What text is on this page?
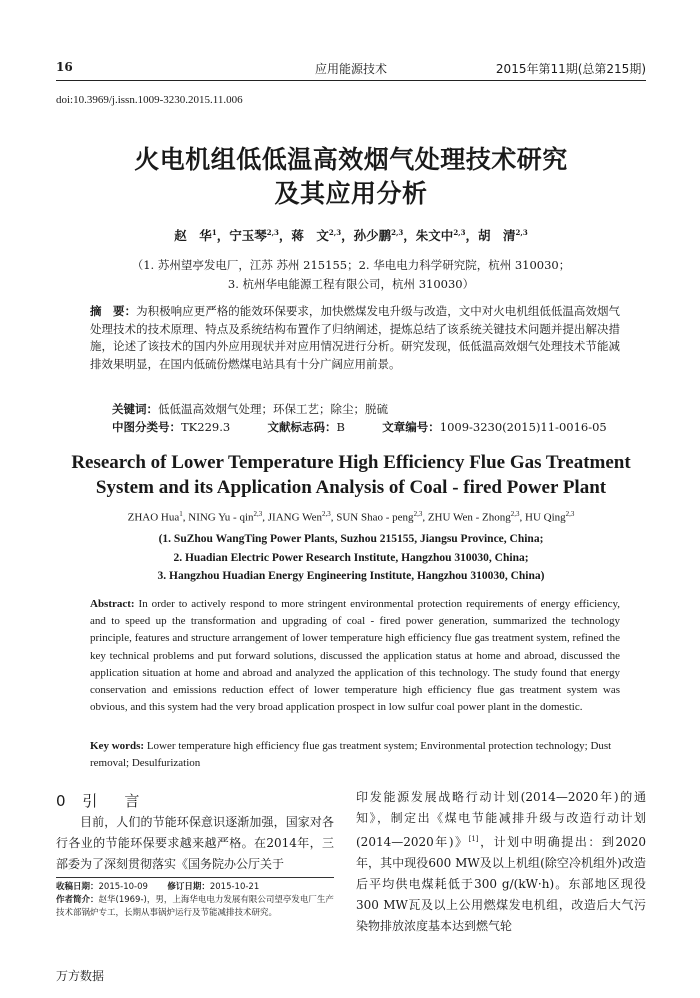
16	应用能源技术	2015年第11期(总第215期)
doi:10.3969/j.issn.1009-3230.2015.11.006
火电机组低低温高效烟气处理技术研究
及其应用分析
赵　华$^1$，宁玉琴$^{2,3}$，蒋　文$^{2,3}$，孙少鹏$^{2,3}$，朱文中$^{2,3}$，胡　清$^{2,3}$
（1. 苏州望亭发电厂，江苏 苏州 215155；2. 华电电力科学研究院，杭州 310030；
3. 杭州华电能源工程有限公司，杭州 310030）
摘　要：为积极响应更严格的能效环保要求，加快燃煤发电升级与改造，文中对火电机组低低温高效烟气处理技术的技术原理、特点及系统结构布置作了归纳阐述，提炼总结了该系统关键技术问题并提出解决措施，论述了该技术的国内外应用现状并对应用情况进行分析。研究发现，低低温高效烟气处理技术节能减排效果明显，在国内低硫份燃煤电站具有十分广阔应用前景。
关键词：低低温高效烟气处理；环保工艺；除尘；脱硫
中图分类号：TK229.3	文献标志码：B	文章编号：1009-3230(2015)11-0016-05
Research of Lower Temperature High Efficiency Flue Gas Treatment
System and its Application Analysis of Coal - fired Power Plant
ZHAO Hua$^1$, NING Yu - qin$^{2,3}$, JIANG Wen$^{2,3}$, SUN Shao - peng$^{2,3}$, ZHU Wen - Zhong$^{2,3}$, HU Qing$^{2,3}$
(1. SuZhou WangTing Power Plants, Suzhou 215155, Jiangsu Province, China;
2. Huadian Electric Power Research Institute, Hangzhou 310030, China;
3. Hangzhou Huadian Energy Engineering Institute, Hangzhou 310030, China)
Abstract: In order to actively respond to more stringent environmental protection requirements of energy efficiency, and to speed up the transformation and upgrading of coal - fired power generation, summarized the technology principle, features and structure arrangement of lower temperature high efficiency flue gas treatment system, refined the key technical problems and put forward solutions, discussed the application status at home and abroad, discussed the application situation at home and abroad and analyzed the application of this technology. The study found that energy conservation and emissions reduction effect of lower temperature high efficiency flue gas treatment system was obvious, and this system had the very broad application prospect in low sulfur coal power plant in the domestic.
Key words: Lower temperature high efficiency flue gas treatment system; Environmental protection technology; Dust removal; Desulfurization
0 引　言
目前，人们的节能环保意识逐渐加强，国家对各行各业的节能环保要求越来越严格。在2014年，三部委为了深刻贯彻落实《国务院办公厅关于
印发能源发展战略行动计划(2014—2020年)的通知》，制定出《煤电节能减排升级与改造行动计划(2014—2020年)》[1]，计划中明确提出：到2020年，其中现役600 MW及以上机组(除空冷机组外)改造后平均供电煤耗低于300 g/(kW·h)。东部地区现役300 MW瓦及以上公用燃煤发电机组，改造后大气污染物排放浓度基本达到燃气轮
收稿日期：2015-10-09 修订日期：2015-10-21
作者简介：赵华(1969-)，男，上海华电电力发展有限公司望亭发电厂生产技术部锅炉专工，长期从事锅炉运行及节能减排技术研究。
万方数据
